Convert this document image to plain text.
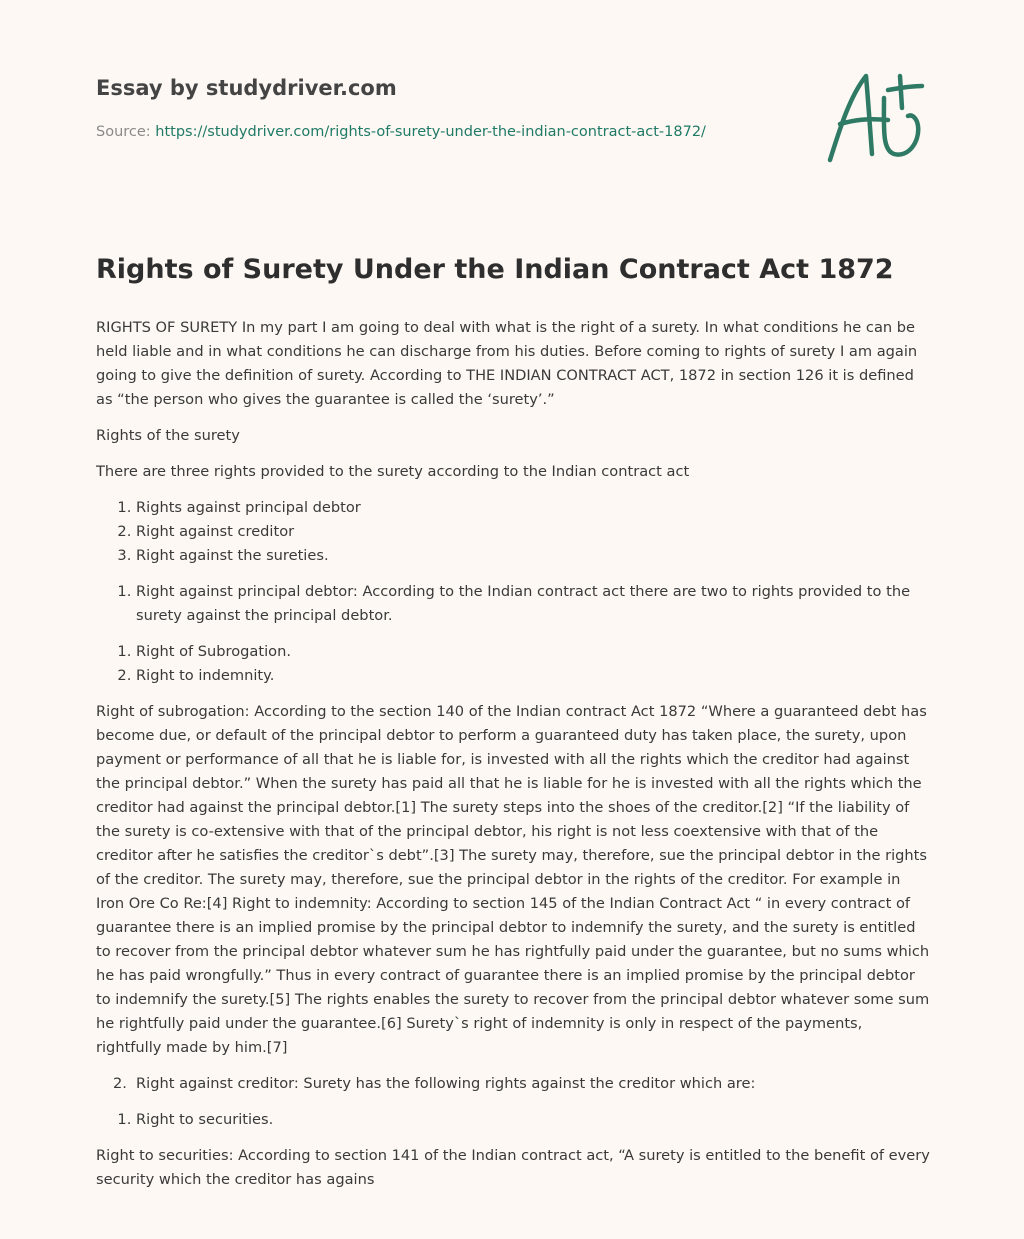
Essay by studydriver.com
Source: https://studydriver.com/rights-of-surety-under-the-indian-contract-act-1872/
Rights of Surety Under the Indian Contract Act 1872

RIGHTS OF SURETY In my part I am going to deal with what is the right of a surety. In what conditions he can be held liable and in what conditions he can discharge from his duties. Before coming to rights of surety I am again going to give the definition of surety. According to THE INDIAN CONTRACT ACT, 1872 in section 126 it is defined as “the person who gives the guarantee is called the ‘surety’.”

Rights of the surety

There are three rights provided to the surety according to the Indian contract act

1. Rights against principal debtor
2. Right against creditor
3. Right against the sureties.
1. Right against principal debtor: According to the Indian contract act there are two to rights provided to the surety against the principal debtor.
1. Right of Subrogation.
2. Right to indemnity.

Right of subrogation: According to the section 140 of the Indian contract Act 1872 “Where a guaranteed debt has become due, or default of the principal debtor to perform a guaranteed duty has taken place, the surety, upon payment or performance of all that he is liable for, is invested with all the rights which the creditor had against the principal debtor.” When the surety has paid all that he is liable for he is invested with all the rights which the creditor had against the principal debtor.[1] The surety steps into the shoes of the creditor.[2] “If the liability of the surety is co-extensive with that of the principal debtor, his right is not less coextensive with that of the creditor after he satisfies the creditor`s debt”.[3] The surety may, therefore, sue the principal debtor in the rights of the creditor. The surety may, therefore, sue the principal debtor in the rights of the creditor. For example in Iron Ore Co Re:[4] Right to indemnity: According to section 145 of the Indian Contract Act “ in every contract of guarantee there is an implied promise by the principal debtor to indemnify the surety, and the surety is entitled to recover from the principal debtor whatever sum he has rightfully paid under the guarantee, but no sums which he has paid wrongfully.” Thus in every contract of guarantee there is an implied promise by the principal debtor to indemnify the surety.[5] The rights enables the surety to recover from the principal debtor whatever some sum he rightfully paid under the guarantee.[6] Surety`s right of indemnity is only in respect of the payments, rightfully made by him.[7]

2. Right against creditor: Surety has the following rights against the creditor which are:
1. Right to securities.

Right to securities: According to section 141 of the Indian contract act, “A surety is entitled to the benefit of every security which the creditor has agains
